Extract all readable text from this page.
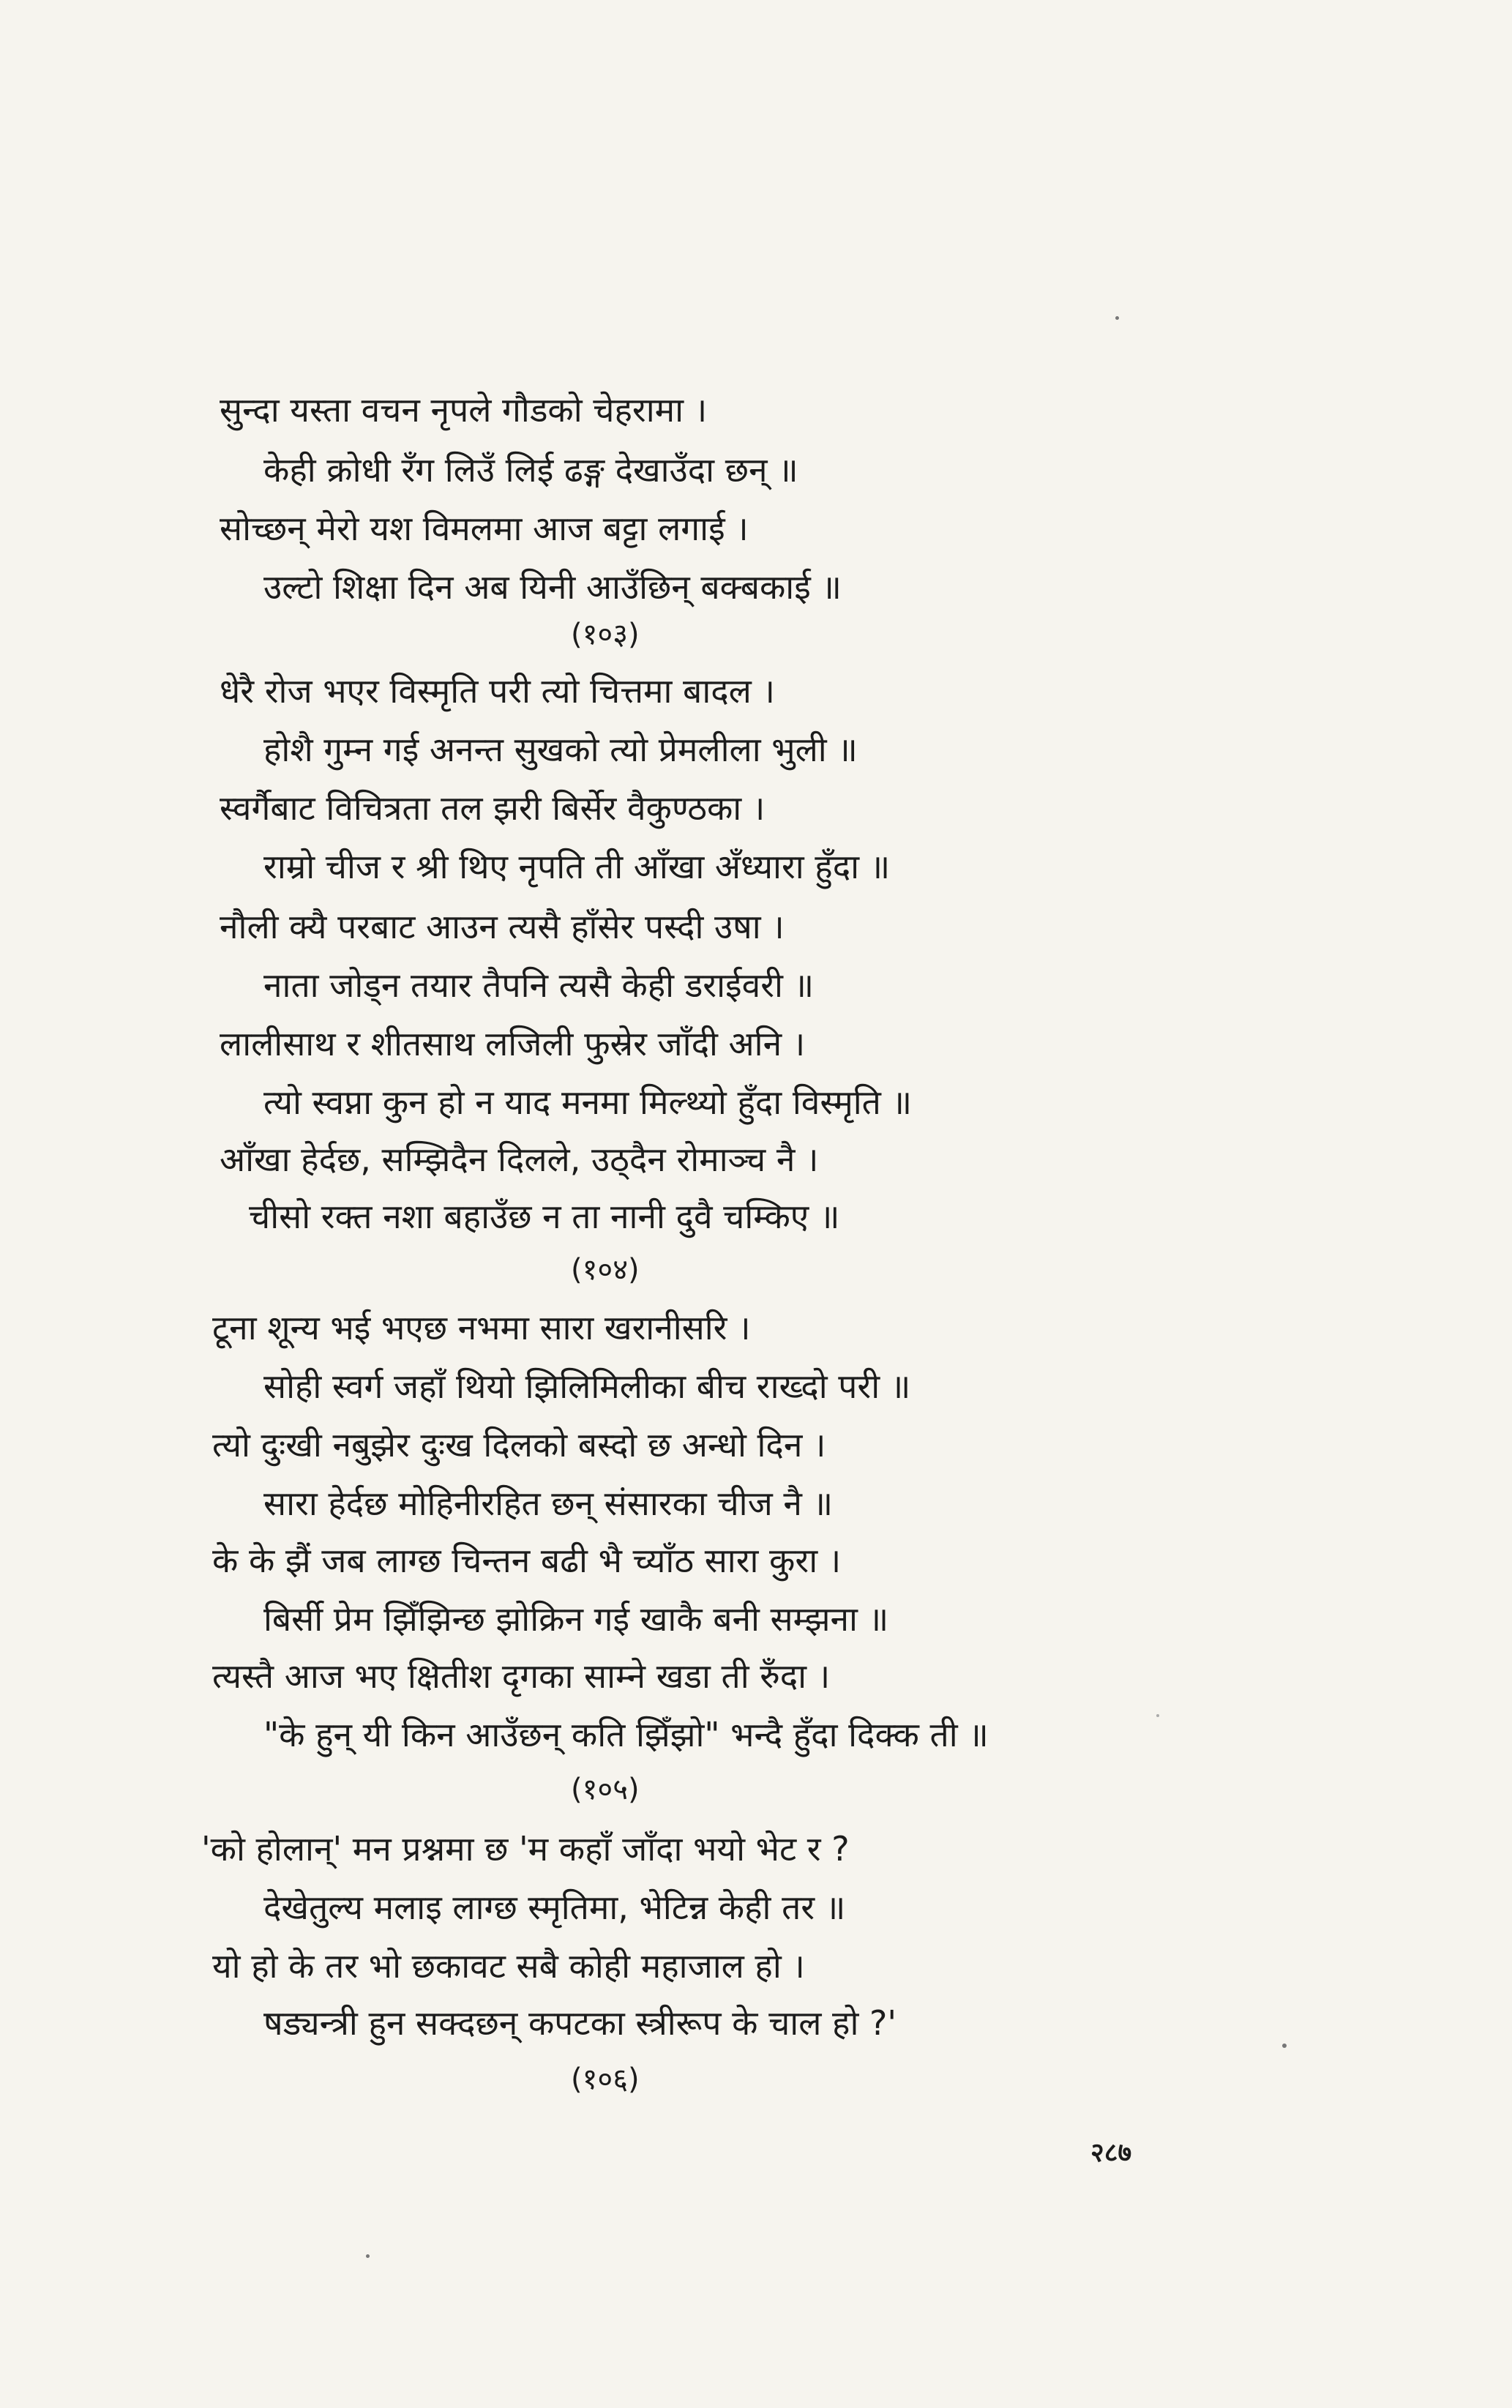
सुन्दा यस्ता वचन नृपले गौडको चेहरामा ।
केही क्रोधी रँग लिउँ लिई ढङ्ग देखाउँदा छन् ॥
सोच्छन् मेरो यश विमलमा आज बट्टा लगाई ।
उल्टो शिक्षा दिन अब यिनी आउँछिन् बक्बकाई ॥
(१०३)
धेरै रोज भएर विस्मृति परी त्यो चित्तमा बादल ।
होशै गुम्न गई अनन्त सुखको त्यो प्रेमलीला भुली ॥
स्वर्गैबाट विचित्रता तल झरी बिर्सेर वैकुण्ठका ।
राम्रो चीज र श्री थिए नृपति ती आँखा अँध्यारा हुँदा ॥
नौली क्यै परबाट आउन त्यसै हाँसेर पस्दी उषा ।
नाता जोड्न तयार तैपनि त्यसै केही डराईवरी ॥
लालीसाथ र शीतसाथ लजिली फुस्रेर जाँदी अनि ।
त्यो स्वप्ना कुन हो न याद मनमा मिल्थ्यो हुँदा विस्मृति ॥
आँखा हेर्दछ, सम्झिदैन दिलले, उठ्दैन रोमाञ्च नै ।
चीसो रक्त नशा बहाउँछ न ता नानी दुवै चम्किए ॥
(१०४)
टूना शून्य भई भएछ नभमा सारा खरानीसरि ।
सोही स्वर्ग जहाँ थियो झिलिमिलीका बीच राख्दो परी ॥
त्यो दुःखी नबुझेर दुःख दिलको बस्दो छ अन्धो दिन ।
सारा हेर्दछ मोहिनीरहित छन् संसारका चीज नै ॥
के के झैं जब लाग्छ चिन्तन बढी भै च्याँठ सारा कुरा ।
बिर्सी प्रेम झिँझिन्छ झोक्रिन गई खाकै बनी सम्झना ॥
त्यस्तै आज भए क्षितीश दृगका साम्ने खडा ती रुँदा ।
"के हुन् यी किन आउँछन् कति झिँझो" भन्दै हुँदा दिक्क ती ॥
(१०५)
'को होलान्' मन प्रश्नमा छ 'म कहाँ जाँदा भयो भेट र ?
देखेतुल्य मलाइ लाग्छ स्मृतिमा, भेटिन्न केही तर ॥
यो हो के तर भो छकावट सबै कोही महाजाल हो ।
षड्यन्त्री हुन सक्दछन् कपटका स्त्रीरूप के चाल हो ?'
(१०६)
२८७
